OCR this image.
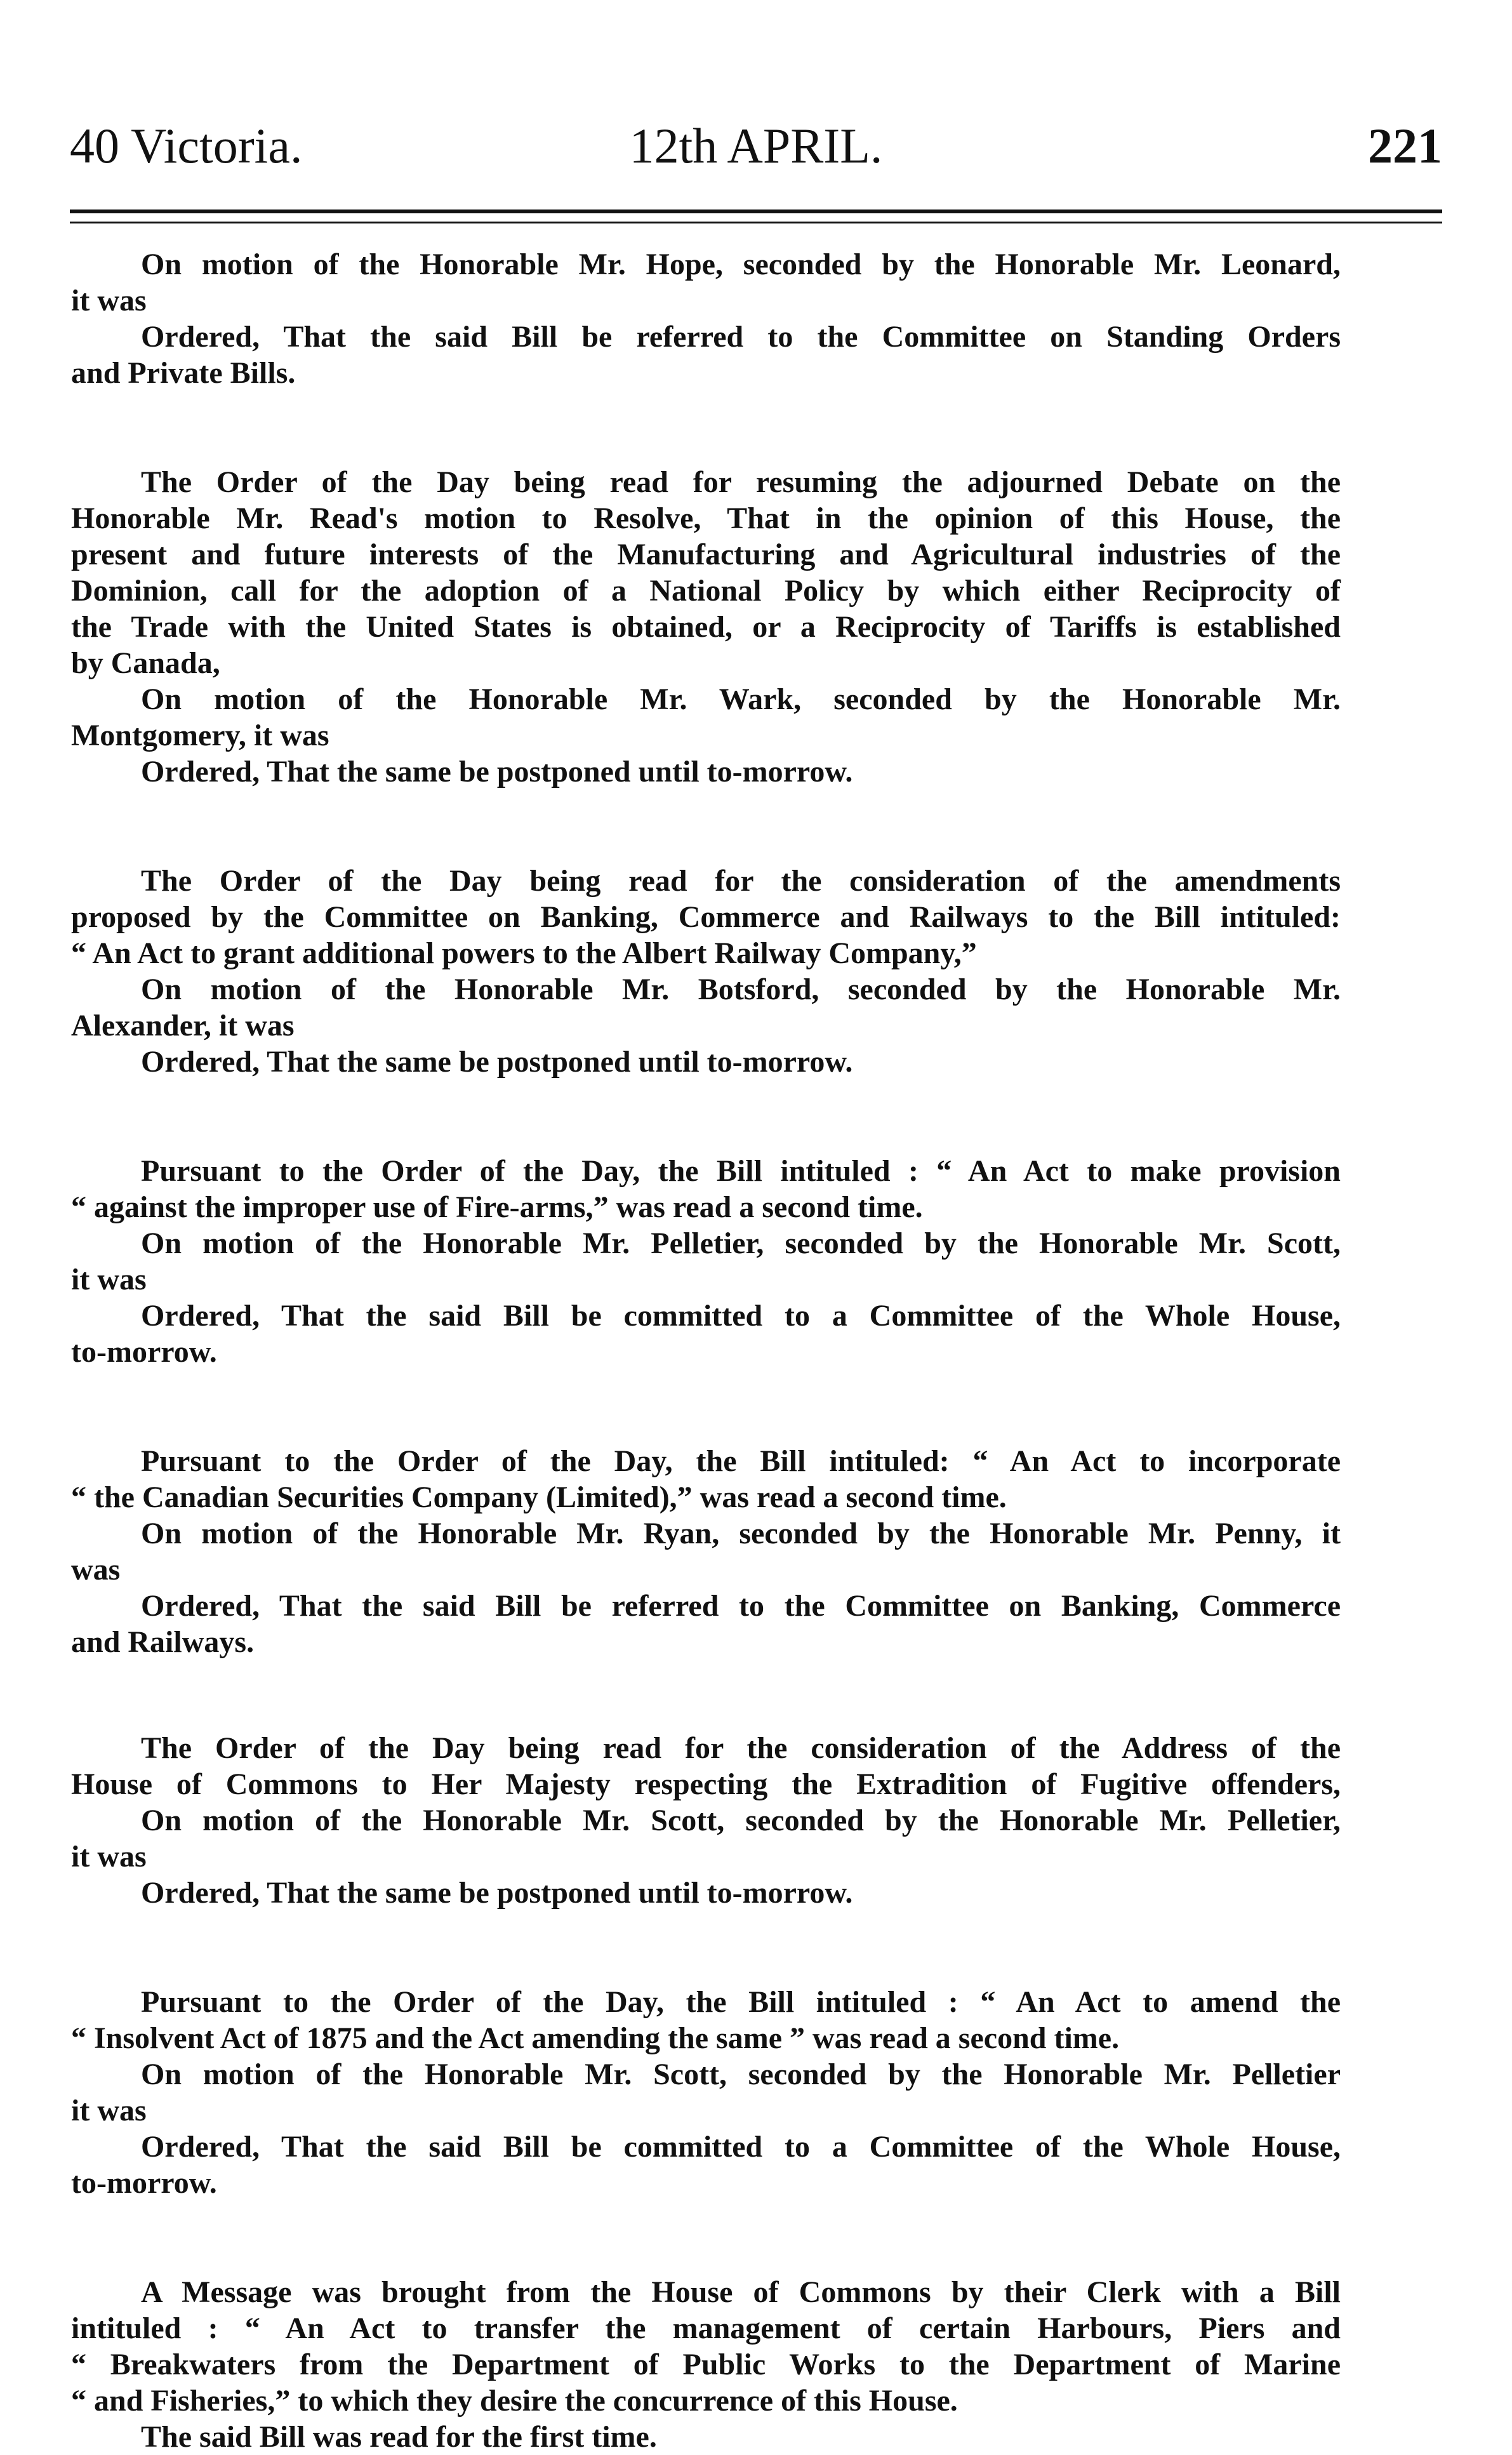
40 Victoria.	12th APRIL.	221
On motion of the Honorable Mr. Hope, seconded by the Honorable Mr. Leonard,
it was
Ordered, That the said Bill be referred to the Committee on Standing Orders
and Private Bills.
The Order of the Day being read for resuming the adjourned Debate on the
Honorable Mr. Read's motion to Resolve, That in the opinion of this House, the
present and future interests of the Manufacturing and Agricultural industries of the
Dominion, call for the adoption of a National Policy by which either Reciprocity of
the Trade with the United States is obtained, or a Reciprocity of Tariffs is established
by Canada,
On motion of the Honorable Mr. Wark, seconded by the Honorable Mr.
Montgomery, it was
Ordered, That the same be postponed until to-morrow.
The Order of the Day being read for the consideration of the amendments
proposed by the Committee on Banking, Commerce and Railways to the Bill intituled:
“ An Act to grant additional powers to the Albert Railway Company,”
On motion of the Honorable Mr. Botsford, seconded by the Honorable Mr.
Alexander, it was
Ordered, That the same be postponed until to-morrow.
Pursuant to the Order of the Day, the Bill intituled : “ An Act to make provision
“ against the improper use of Fire-arms,” was read a second time.
On motion of the Honorable Mr. Pelletier, seconded by the Honorable Mr. Scott,
it was
Ordered, That the said Bill be committed to a Committee of the Whole House,
to-morrow.
Pursuant to the Order of the Day, the Bill intituled: “ An Act to incorporate
“ the Canadian Securities Company (Limited),” was read a second time.
On motion of the Honorable Mr. Ryan, seconded by the Honorable Mr. Penny, it
was
Ordered, That the said Bill be referred to the Committee on Banking, Commerce
and Railways.
The Order of the Day being read for the consideration of the Address of the
House of Commons to Her Majesty respecting the Extradition of Fugitive offenders,
On motion of the Honorable Mr. Scott, seconded by the Honorable Mr. Pelletier,
it was
Ordered, That the same be postponed until to-morrow.
Pursuant to the Order of the Day, the Bill intituled : “ An Act to amend the
“ Insolvent Act of 1875 and the Act amending the same ” was read a second time.
On motion of the Honorable Mr. Scott, seconded by the Honorable Mr. Pelletier
it was
Ordered, That the said Bill be committed to a Committee of the Whole House,
to-morrow.
A Message was brought from the House of Commons by their Clerk with a Bill
intituled : “ An Act to transfer the management of certain Harbours, Piers and
“ Breakwaters from the Department of Public Works to the Department of Marine
“ and Fisheries,” to which they desire the concurrence of this House.
The said Bill was read for the first time.
